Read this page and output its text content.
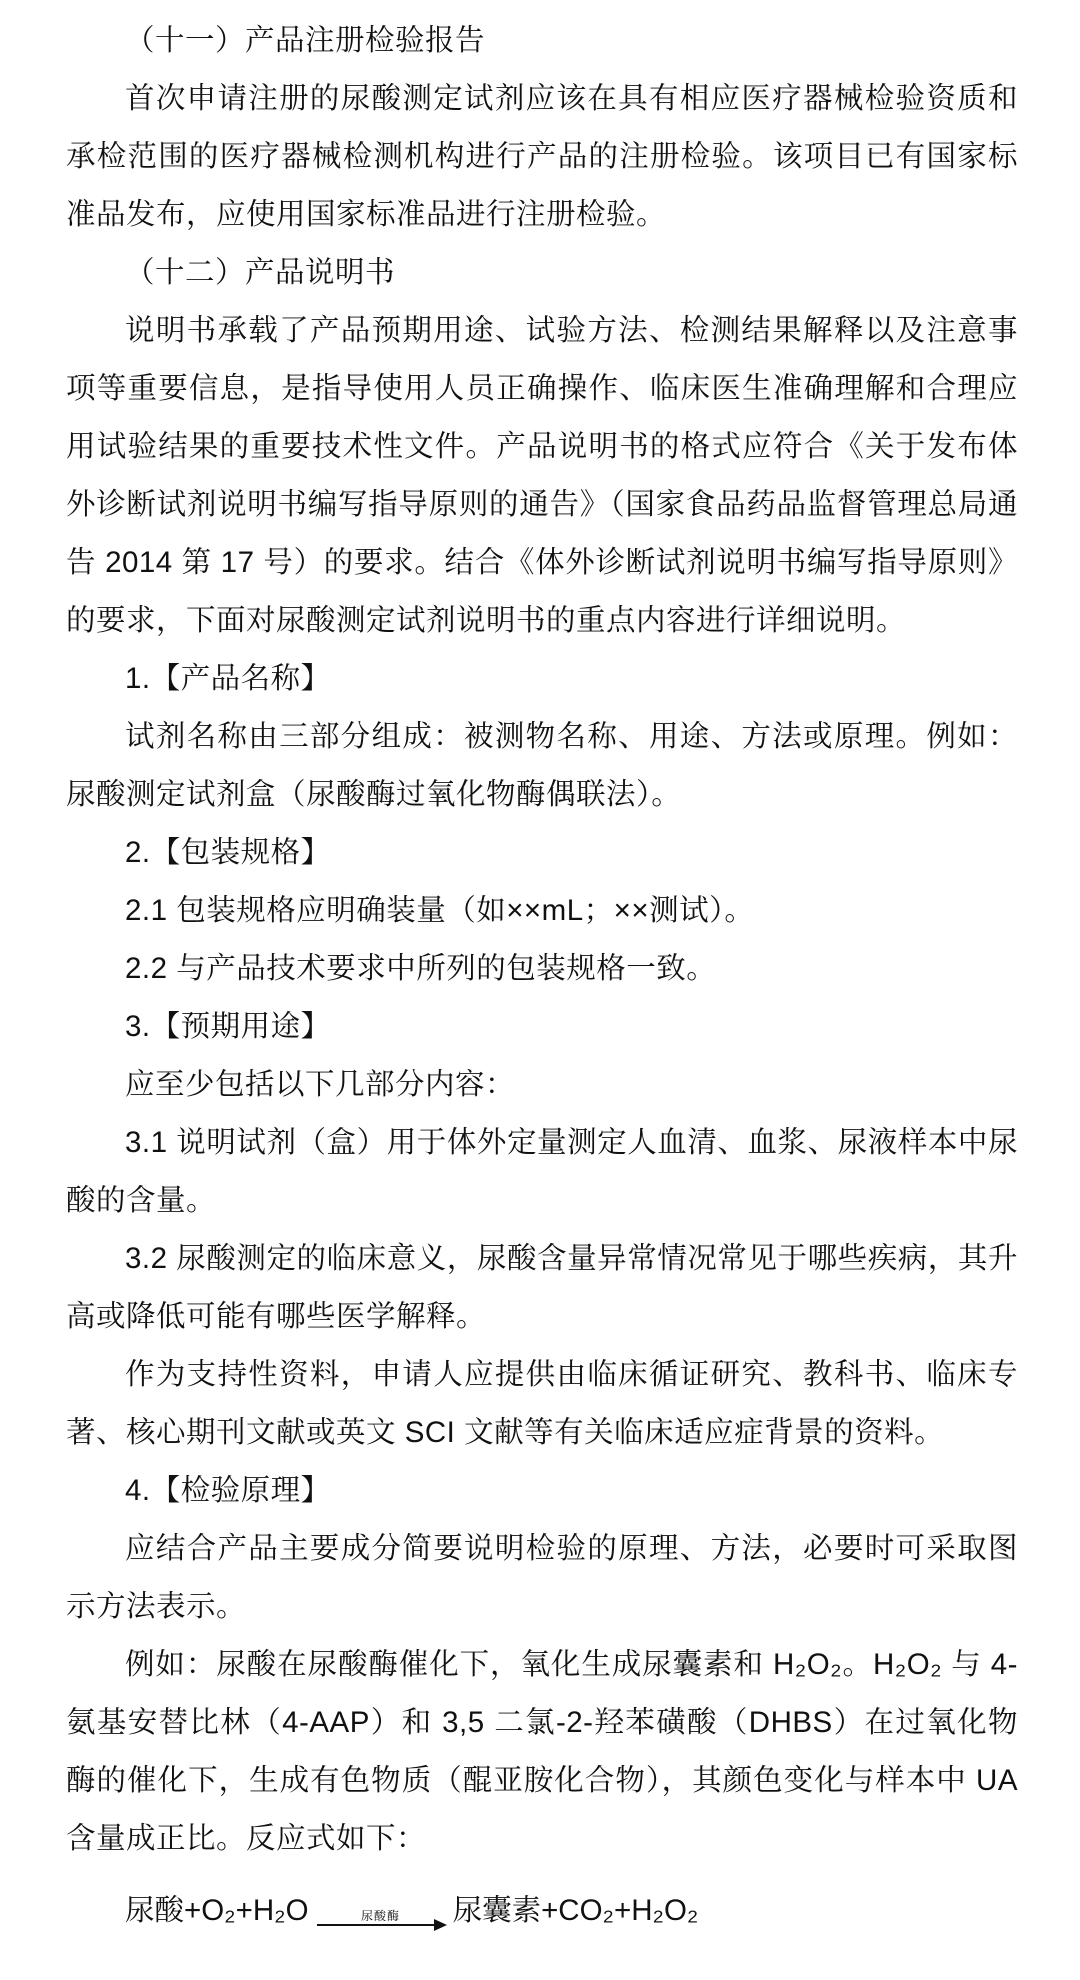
（十一）产品注册检验报告

首次申请注册的尿酸测定试剂应该在具有相应医疗器械检验资质和承检范围的医疗器械检测机构进行产品的注册检验。该项目已有国家标准品发布，应使用国家标准品进行注册检验。

（十二）产品说明书

说明书承载了产品预期用途、试验方法、检测结果解释以及注意事项等重要信息，是指导使用人员正确操作、临床医生准确理解和合理应用试验结果的重要技术性文件。产品说明书的格式应符合《关于发布体外诊断试剂说明书编写指导原则的通告》（国家食品药品监督管理总局通告 2014 第 17 号）的要求。结合《体外诊断试剂说明书编写指导原则》的要求，下面对尿酸测定试剂说明书的重点内容进行详细说明。

1.【产品名称】

试剂名称由三部分组成：被测物名称、用途、方法或原理。例如：尿酸测定试剂盒（尿酸酶过氧化物酶偶联法）。

2.【包装规格】

2.1 包装规格应明确装量（如××mL；××测试）。

2.2 与产品技术要求中所列的包装规格一致。

3.【预期用途】

应至少包括以下几部分内容：

3.1 说明试剂（盒）用于体外定量测定人血清、血浆、尿液样本中尿酸的含量。

3.2 尿酸测定的临床意义，尿酸含量异常情况常见于哪些疾病，其升高或降低可能有哪些医学解释。

作为支持性资料，申请人应提供由临床循证研究、教科书、临床专著、核心期刊文献或英文 SCI 文献等有关临床适应症背景的资料。

4.【检验原理】

应结合产品主要成分简要说明检验的原理、方法，必要时可采取图示方法表示。

例如：尿酸在尿酸酶催化下，氧化生成尿囊素和 H₂O₂。H₂O₂ 与 4-氨基安替比林（4-AAP）和 3,5 二氯-2-羟苯磺酸（DHBS）在过氧化物酶的催化下，生成有色物质（醌亚胺化合物），其颜色变化与样本中 UA 含量成正比。反应式如下：

尿酸+O₂+H₂O	尿酸酶 尿囊素+CO₂+H₂O₂
